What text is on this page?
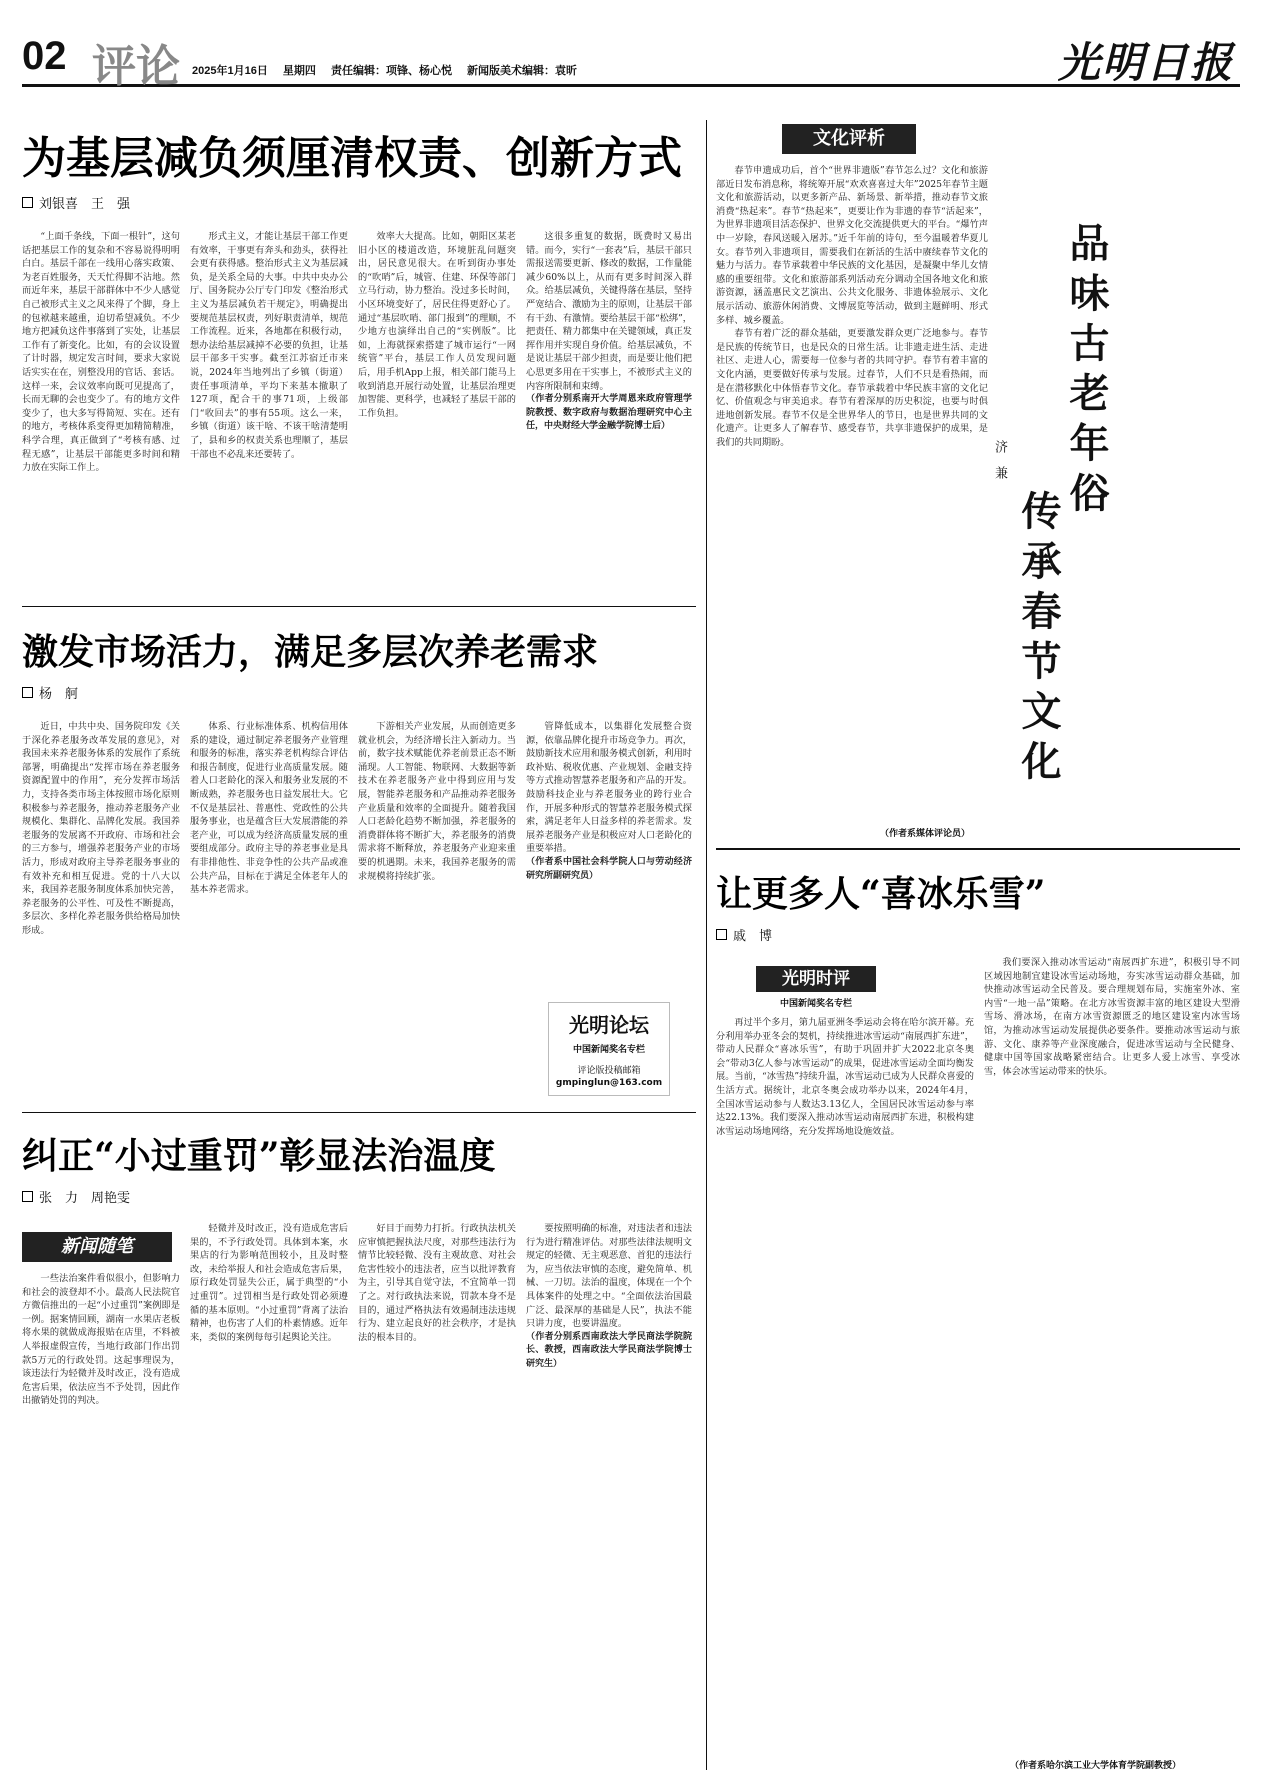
02 评论 2025年1月16日 星期四 责任编辑：项锋、杨心悦 新闻版美术编辑：袁昕	光明日报
为基层减负须厘清权责、创新方式
刘银喜　王　强

“上面千条线，下面一根针”，这句话把基层工作的复杂和不容易说得明明白白。基层千部在一线用心落实政策、为老百姓服务，天天忙得脚不沾地。然而近年来，基层干部群体中不少人感觉自己被形式主义之风来得了个脚，身上的包袱越来越重，迫切希望减负。不少地方把减负这件事落到了实处，让基层工作有了新变化。比如，有的会议设置了计时器，规定发言时间，要求大家说话实实在在，别整没用的官话、套话。这样一来，会议效率向既可见提高了，长而无聊的会也变少了。有的地方文件变少了，也大多写得简短、实在。还有的地方，考核体系变得更加精简精准，科学合理，真正做到了“考核有感、过程无感”，让基层干部能更多时间和精力放在实际工作上。

形式主义，才能让基层干部工作更有效率，干事更有奔头和劲头，获得社会更有获得感。整治形式主义为基层减负，是关系全局的大事。中共中央办公厅、国务院办公厅专门印发《整治形式主义为基层减负若干规定》，明确提出要规范基层权责，列好职责清单，规范工作流程。近来，各地都在积极行动，想办法给基层减掉不必要的负担，让基层干部多干实事。截至江苏宿迁市来说，2024年当地列出了乡镇（街道）责任事项清单，平均下来基本撤职了127项，配合干的事71项，上级部门“收回去”的事有55项。这么一来，乡镇（街道）该干啥、不该干啥清楚明了，县和乡的权责关系也理顺了，基层干部也不必乱来还要转了。

效率大大提高。比如，朝阳区某老旧小区的楼道改造，环境脏乱问题突出，居民意见很大。在听到街办事处的“吹哨”后，城管、住建、环保等部门立马行动，协力整治。没过多长时间，小区环境变好了，居民住得更舒心了。通过“基层吹哨、部门报到”的理顺，不少地方也演绎出自己的“实例版”。比如，上海就探索搭建了城市运行“一网统管”平台，基层工作人员发现问题后，用手机App上报，相关部门能马上收到消息开展行动处置，让基层治理更加智能、更科学，也减轻了基层干部的工作负担。

这很多重复的数据，既费时又易出错。而今，实行“一套表”后，基层干部只需报送需要更新、修改的数据，工作量能减少60%以上，从而有更多时间深入群众。给基层减负，关键得落在基层，坚持严宽结合、激励为主的原则，让基层干部有干劲、有激情。要给基层干部“松绑”，把责任、精力都集中在关键领域，真正发挥作用并实现自身价值。给基层减负，不是说让基层干部少担责，而是要让他们把心思更多用在干实事上，不被形式主义的内容所限制和束缚。

（作者分别系南开大学周恩来政府管理学院教授、数字政府与数据治理研究中心主任，中央财经大学金融学院博士后）
激发市场活力，满足多层次养老需求
杨　舸

近日，中共中央、国务院印发《关于深化养老服务改革发展的意见》，对我国未来养老服务体系的发展作了系统部署，明确提出“发挥市场在养老服务资源配置中的作用”，充分发挥市场活力，支持各类市场主体按照市场化原则积极参与养老服务，推动养老服务产业规模化、集群化、品牌化发展。我国养老服务的发展离不开政府、市场和社会的三方参与，增强养老服务产业的市场活力，形成对政府主导养老服务事业的有效补充和相互促进。党的十八大以来，我国养老服务制度体系加快完善，养老服务的公平性、可及性不断提高，多层次、多样化养老服务供给格局加快形成。

体系、行业标准体系、机构信用体系的建设，通过制定养老服务产业管理和服务的标准，落实养老机构综合评估和报告制度，促进行业高质量发展。随着人口老龄化的深入和服务业发展的不断成熟，养老服务也日益发展壮大。它不仅是基层社、普惠性、党政性的公共服务事业，也是蕴含巨大发展潜能的养老产业，可以成为经济高质量发展的重要组成部分。政府主导的养老事业是具有非排他性、非竞争性的公共产品或准公共产品，目标在于满足全体老年人的基本养老需求。

下游相关产业发展，从而创造更多就业机会，为经济增长注入新动力。当前，数字技术赋能优养老前景正态不断涌现。人工智能、物联网、大数据等新技术在养老服务产业中得到应用与发展，智能养老服务和产品推动养老服务产业质量和效率的全面提升。随着我国人口老龄化趋势不断加强，养老服务的消费群体将不断扩大，养老服务的消费需求将不断释放，养老服务产业迎来重要的机遇期。未来，我国养老服务的需求规模将持续扩张。

管降低成本，以集群化发展整合资源，依靠品牌化提升市场竞争力。再次，鼓励新技术应用和服务模式创新，利用时政补贴、税收优惠、产业规划、金融支持等方式推动智慧养老服务和产品的开发。鼓励科技企业与养老服务业的跨行业合作，开展多种形式的智慧养老服务模式探索，满足老年人日益多样的养老需求。发展养老服务产业是积极应对人口老龄化的重要举措。

（作者系中国社会科学院人口与劳动经济研究所副研究员）
光明论坛
中国新闻奖名专栏
评论版投稿邮箱
gmpinglun@163.com
纠正“小过重罚”彰显法治温度
张　力　周艳雯
新闻随笔

一些法治案件看似很小，但影响力和社会的波登却不小。最高人民法院官方微信推出的一起“小过重罚”案例即是一例。据案情回顾，湖南一水果店老板将水果的就做成海报贴在店里，不料被人举报虚假宣传，当地行政部门作出罚款5万元的行政处罚。这起事理误为，该违法行为轻微并及时改正，没有造成危害后果，依法应当不予处罚，因此作出撤销处罚的判决。

轻微并及时改正，没有造成危害后果的，不予行政处罚。具体到本案，水果店的行为影响范围较小，且及时整改，未给举报人和社会造成危害后果，原行政处罚显失公正，属于典型的“小过重罚”。过罚相当是行政处罚必须遵循的基本原则。“小过重罚”背离了法治精神，也伤害了人们的朴素情感。近年来，类似的案例每每引起舆论关注。

好目于而势力打折。行政执法机关应审慎把握执法尺度，对那些违法行为情节比较轻微、没有主观故意、对社会危害性较小的违法者，应当以批评教育为主，引导其自觉守法，不宜简单一罚了之。对行政执法来说，罚款本身不是目的，通过严格执法有效遏制违法违规行为、建立起良好的社会秩序，才是执法的根本目的。

要按照明确的标准，对违法者和违法行为进行精准评估。对那些法律法规明文规定的轻微、无主观恶意、首犯的违法行为，应当依法审慎的态度，避免简单、机械、一刀切。法治的温度，体现在一个个具体案件的处理之中。“全面依法治国最广泛、最深厚的基础是人民”，执法不能只讲力度，也要讲温度。

（作者分别系西南政法大学民商法学院院长、教授，西南政法大学民商法学院博士研究生）
文化评析
品味古老年俗
传承春节文化
济　兼

春节申遗成功后，首个“世界非遗版”春节怎么过？文化和旅游部近日发布消息称，将统筹开展“欢欢喜喜过大年”2025年春节主题文化和旅游活动，以更多新产品、新场景、新举措，推动春节文旅消费“热起来”。春节“热起来”，更要让作为非遗的春节“活起来”，为世界非遗项目活态保护、世界文化交流提供更大的平台。“爆竹声中一岁除，春风送暖入屠苏。”近千年前的诗句，至今温暖着华夏儿女。春节列入非遗项目，需要我们在新活的生活中赓续春节文化的魅力与活力。春节承载着中华民族的文化基因，是凝聚中华儿女情感的重要纽带。文化和旅游部系列活动充分调动全国各地文化和旅游资源，涵盖惠民文艺演出、公共文化服务、非遗体验展示、文化展示活动、旅游休闲消费、文博展览等活动，做到主题鲜明、形式多样、城乡覆盖。

春节有着广泛的群众基础，更要激发群众更广泛地参与。春节是民族的传统节日，也是民众的日常生活。让非遗走进生活、走进社区、走进人心，需要每一位参与者的共同守护。春节有着丰富的文化内涵，更要做好传承与发展。过春节，人们不只是看热闹，而是在潜移默化中体悟春节文化。春节承载着中华民族丰富的文化记忆、价值观念与审美追求。春节有着深厚的历史积淀，也要与时俱进地创新发展。春节不仅是全世界华人的节日，也是世界共同的文化遗产。让更多人了解春节、感受春节，共享非遗保护的成果，是我们的共同期盼。

（作者系媒体评论员）
让更多人“喜冰乐雪”
戚　博
光明时评
中国新闻奖名专栏

再过半个多月，第九届亚洲冬季运动会将在哈尔滨开幕。充分利用举办亚冬会的契机，持续推进冰雪运动“南展西扩东进”，带动人民群众“喜冰乐雪”，有助于巩固并扩大2022北京冬奥会“带动3亿人参与冰雪运动”的成果，促进冰雪运动全面均衡发展。当前，“冰雪热”持续升温，冰雪运动已成为人民群众喜爱的生活方式。据统计，北京冬奥会成功举办以来，2024年4月，全国冰雪运动参与人数达3.13亿人，全国居民冰雪运动参与率达22.13%。我们要深入推动冰雪运动南展西扩东进，积极构建冰雪运动场地网络，充分发挥场地设施效益。

我们要深入推动冰雪运动“南展西扩东进”，积极引导不同区域因地制宜建设冰雪运动场地，夯实冰雪运动群众基础，加快推动冰雪运动全民普及。要合理规划布局，实施室外冰、室内雪“一地一品”策略。在北方冰雪资源丰富的地区建设大型滑雪场、滑冰场，在南方冰雪资源匮乏的地区建设室内冰雪场馆，为推动冰雪运动发展提供必要条件。要推动冰雪运动与旅游、文化、康养等产业深度融合，促进冰雪运动与全民健身、健康中国等国家战略紧密结合。让更多人爱上冰雪、享受冰雪，体会冰雪运动带来的快乐。

（作者系哈尔滨工业大学体育学院副教授）
